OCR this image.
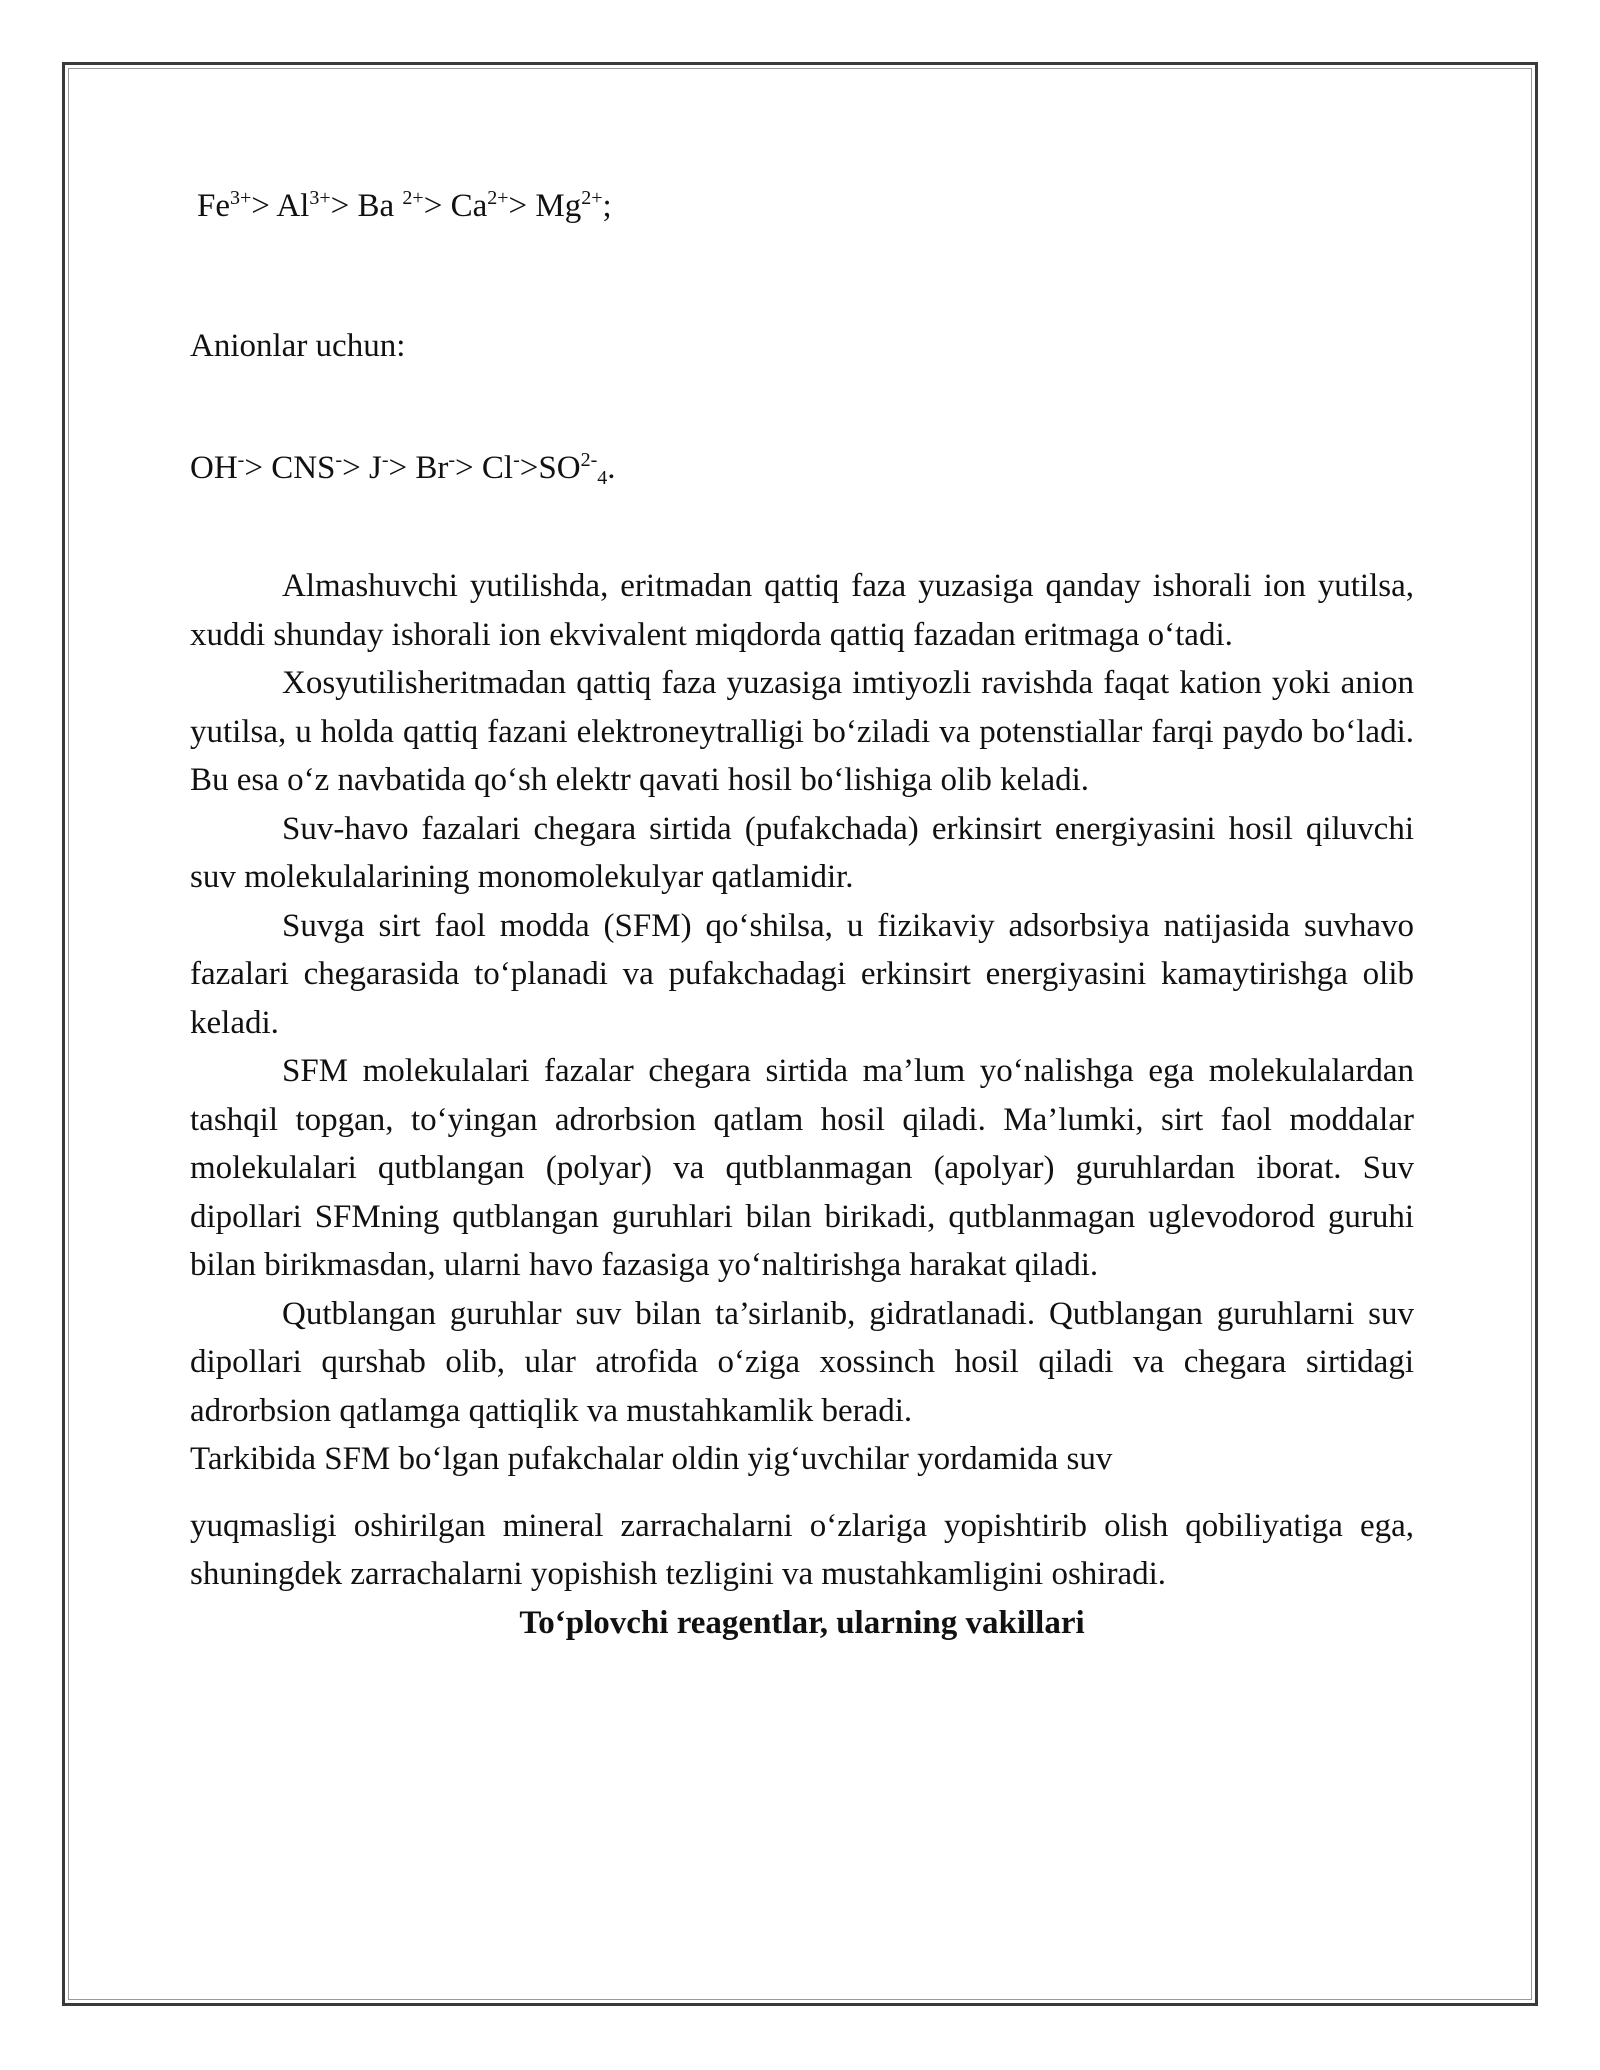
$Fe^{3+}> Al^{3+}> Ba$ $^{2+}> Ca^{2+}> Mg^{2+}$;
Anionlar uchun:
$OH^-> CNS^-> J^-> Br^-> Cl^->SO^{2-}_4$.

Almashuvchi yutilishda, eritmadan qattiq faza yuzasiga qanday ishorali ion yutilsa, xuddi shunday ishorali ion ekvivalent miqdorda qattiq fazadan eritmaga o‘tadi.

Xosyutilisheritmadan qattiq faza yuzasiga imtiyozli ravishda faqat kation yoki anion yutilsa, u holda qattiq fazani elektroneytralligi bo‘ziladi va potenstiallar farqi paydo bo‘ladi. Bu esa o‘z navbatida qo‘sh elektr qavati hosil bo‘lishiga olib keladi.

Suv-havo fazalari chegara sirtida (pufakchada) erkinsirt energiyasini hosil qiluvchi suv molekulalarining monomolekulyar qatlamidir.

Suvga sirt faol modda (SFM) qo‘shilsa, u fizikaviy adsorbsiya natijasida suvhavo fazalari chegarasida to‘planadi va pufakchadagi erkinsirt energiyasini kamaytirishga olib keladi.

SFM molekulalari fazalar chegara sirtida ma’lum yo‘nalishga ega molekulalardan tashqil topgan, to‘yingan adrorbsion qatlam hosil qiladi. Ma’lumki, sirt faol moddalar molekulalari qutblangan (polyar) va qutblanmagan (apolyar) guruhlardan iborat. Suv dipollari SFMning qutblangan guruhlari bilan birikadi, qutblanmagan uglevodorod guruhi bilan birikmasdan, ularni havo fazasiga yo‘naltirishga harakat qiladi.

Qutblangan guruhlar suv bilan ta’sirlanib, gidratlanadi. Qutblangan guruhlarni suv dipollari qurshab olib, ular atrofida o‘ziga xossinch hosil qiladi va chegara sirtidagi adrorbsion qatlamga qattiqlik va mustahkamlik beradi.

Tarkibida SFM bo‘lgan pufakchalar oldin yig‘uvchilar yordamida suv

yuqmasligi oshirilgan mineral zarrachalarni o‘zlariga yopishtirib olish qobiliyatiga ega, shuningdek zarrachalarni yopishish tezligini va mustahkamligini oshiradi.

To‘plovchi reagentlar, ularning vakillari
